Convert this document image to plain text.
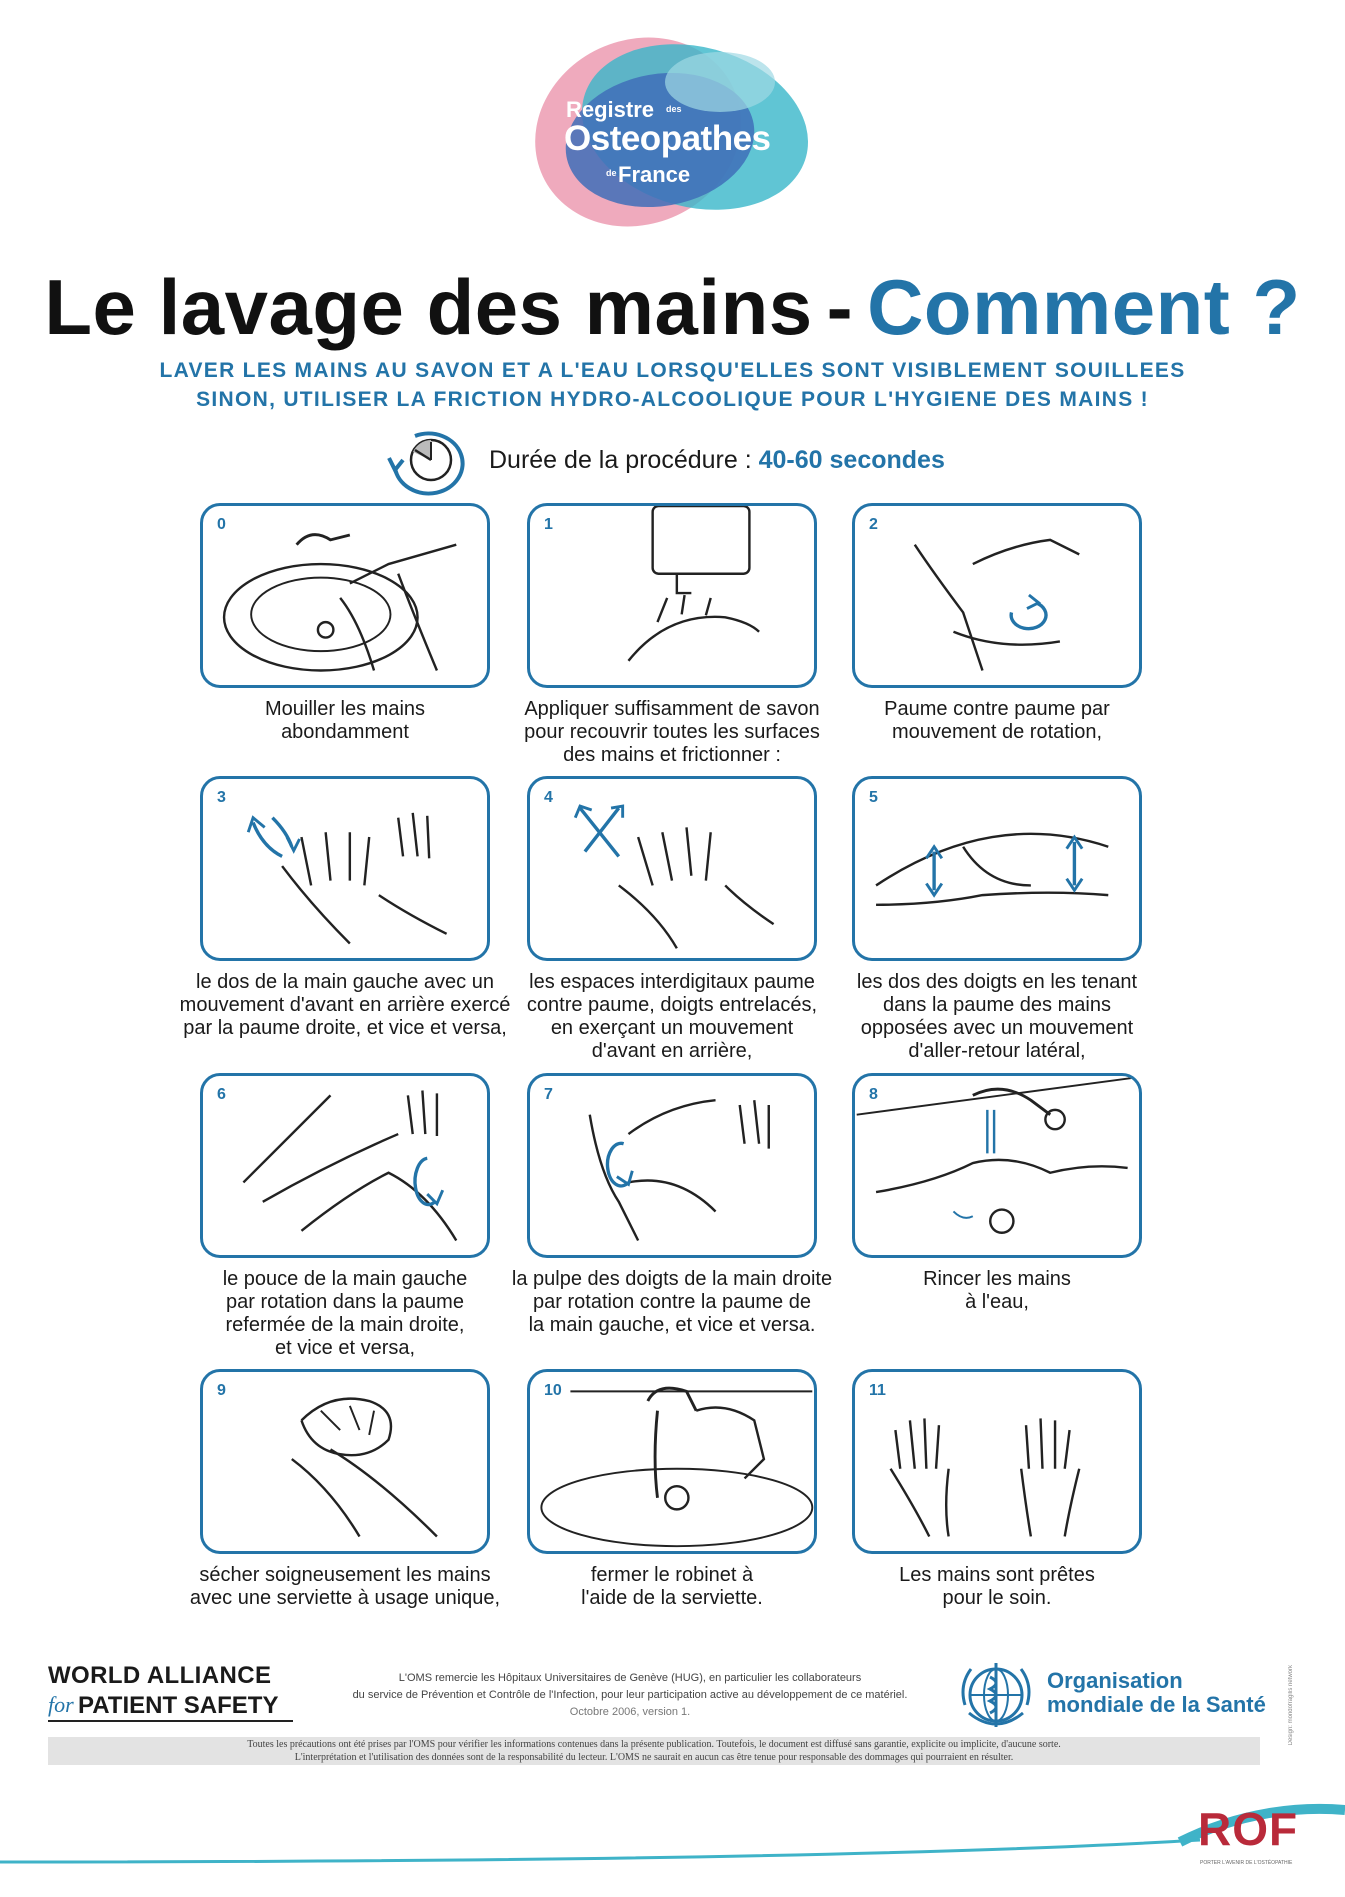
Registre des
Osteopathes
de France
Le lavage des mains - Comment ?
LAVER LES MAINS AU SAVON ET A L'EAU LORSQU'ELLES SONT VISIBLEMENT SOUILLEES
SINON, UTILISER LA FRICTION HYDRO-ALCOOLIQUE POUR L'HYGIENE DES MAINS !
Durée de la procédure : 40-60 secondes
0
Mouiller les mains
abondamment
1
Appliquer suffisamment de savon
pour recouvrir toutes les surfaces
des mains et frictionner :
2
Paume contre paume par
mouvement de rotation,
3
le dos de la main gauche avec un
mouvement d'avant en arrière exercé
par la paume droite, et vice et versa,
4
les espaces interdigitaux paume
contre paume, doigts entrelacés,
en exerçant un mouvement
d'avant en arrière,
5
les dos des doigts en les tenant
dans la paume des mains
opposées avec un mouvement
d'aller-retour latéral,
6
le pouce de la main gauche
par rotation dans la paume
refermée de la main droite,
et vice et versa,
7
la pulpe des doigts de la main droite
par rotation contre la paume de
la main gauche, et vice et versa.
8
Rincer les mains
à l'eau,
9
sécher soigneusement les mains
avec une serviette à usage unique,
10
fermer le robinet à
l'aide de la serviette.
11
Les mains sont prêtes
pour le soin.
WORLD ALLIANCE
for PATIENT SAFETY
L'OMS remercie les Hôpitaux Universitaires de Genève (HUG), en particulier les collaborateurs
du service de Prévention et Contrôle de l'Infection, pour leur participation active au développement de ce matériel.
Octobre 2006, version 1.
Organisation
mondiale de la Santé	Design: mondofragilis network
Toutes les précautions ont été prises par l'OMS pour vérifier les informations contenues dans la présente publication. Toutefois, le document est diffusé sans garantie, explicite ou implicite, d'aucune sorte.
L'interprétation et l'utilisation des données sont de la responsabilité du lecteur. L'OMS ne saurait en aucun cas être tenue pour responsable des dommages qui pourraient en résulter.
ROF
PORTER L'AVENIR DE L'OSTÉOPATHIE
